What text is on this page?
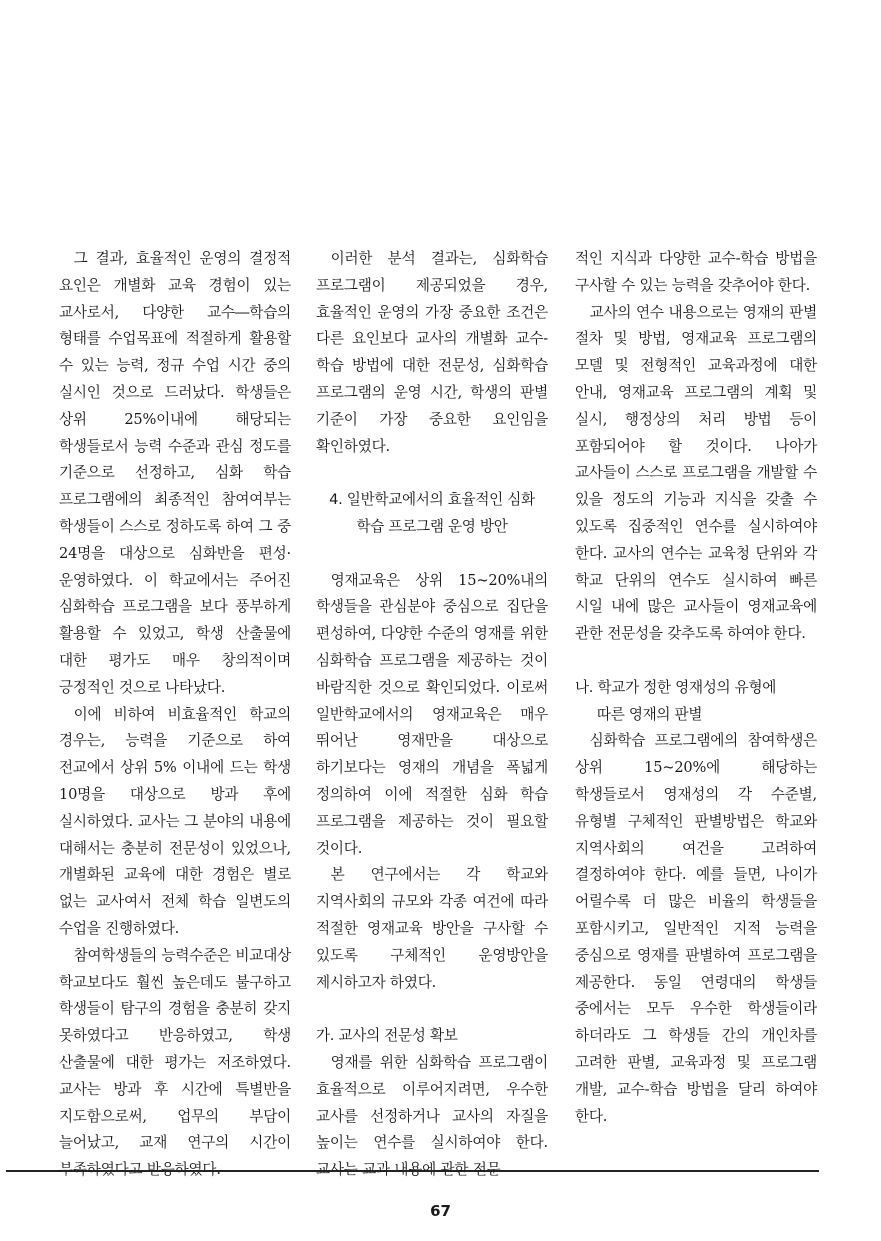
그 결과, 효율적인 운영의 결정적 요인은 개별화 교육 경험이 있는 교사로서, 다양한 교수―학습의 형태를 수업목표에 적절하게 활용할 수 있는 능력, 정규 수업 시간 중의 실시인 것으로 드러났다. 학생들은 상위 25%이내에 해당되는 학생들로서 능력 수준과 관심 정도를 기준으로 선정하고, 심화 학습 프로그램에의 최종적인 참여여부는 학생들이 스스로 정하도록 하여 그 중 24명을 대상으로 심화반을 편성·운영하였다. 이 학교에서는 주어진 심화학습 프로그램을 보다 풍부하게 활용할 수 있었고, 학생 산출물에 대한 평가도 매우 창의적이며 긍정적인 것으로 나타났다.

이에 비하여 비효율적인 학교의 경우는, 능력을 기준으로 하여 전교에서 상위 5% 이내에 드는 학생 10명을 대상으로 방과 후에 실시하였다. 교사는 그 분야의 내용에 대해서는 충분히 전문성이 있었으나, 개별화된 교육에 대한 경험은 별로 없는 교사여서 전체 학습 일변도의 수업을 진행하였다.

참여학생들의 능력수준은 비교대상 학교보다도 훨씬 높은데도 불구하고 학생들이 탐구의 경험을 충분히 갖지 못하였다고 반응하였고, 학생 산출물에 대한 평가는 저조하였다. 교사는 방과 후 시간에 특별반을 지도함으로써, 업무의 부담이 늘어났고, 교재 연구의 시간이 부족하였다고 반응하였다.

이러한 분석 결과는, 심화학습 프로그램이 제공되었을 경우, 효율적인 운영의 가장 중요한 조건은 다른 요인보다 교사의 개별화 교수-학습 방법에 대한 전문성, 심화학습 프로그램의 운영 시간, 학생의 판별 기준이 가장 중요한 요인임을 확인하였다.

4. 일반학교에서의 효율적인 심화
학습 프로그램 운영 방안

영재교육은 상위 15~20%내의 학생들을 관심분야 중심으로 집단을 편성하여, 다양한 수준의 영재를 위한 심화학습 프로그램을 제공하는 것이 바람직한 것으로 확인되었다. 이로써 일반학교에서의 영재교육은 매우 뛰어난 영재만을 대상으로 하기보다는 영재의 개념을 폭넓게 정의하여 이에 적절한 심화 학습 프로그램을 제공하는 것이 필요할 것이다.

본 연구에서는 각 학교와 지역사회의 규모와 각종 여건에 따라 적절한 영재교육 방안을 구사할 수 있도록 구체적인 운영방안을 제시하고자 하였다.

가. 교사의 전문성 확보

영재를 위한 심화학습 프로그램이 효율적으로 이루어지려면, 우수한 교사를 선정하거나 교사의 자질을 높이는 연수를 실시하여야 한다. 교사는 교과 내용에 관한 전문

적인 지식과 다양한 교수-학습 방법을 구사할 수 있는 능력을 갖추어야 한다.

교사의 연수 내용으로는 영재의 판별 절차 및 방법, 영재교육 프로그램의 모델 및 전형적인 교육과정에 대한 안내, 영재교육 프로그램의 계획 및 실시, 행정상의 처리 방법 등이 포함되어야 할 것이다. 나아가 교사들이 스스로 프로그램을 개발할 수 있을 정도의 기능과 지식을 갖출 수 있도록 집중적인 연수를 실시하여야 한다. 교사의 연수는 교육청 단위와 각 학교 단위의 연수도 실시하여 빠른 시일 내에 많은 교사들이 영재교육에 관한 전문성을 갖추도록 하여야 한다.

나. 학교가 정한 영재성의 유형에
따른 영재의 판별

심화학습 프로그램에의 참여학생은 상위 15~20%에 해당하는 학생들로서 영재성의 각 수준별, 유형별 구체적인 판별방법은 학교와 지역사회의 여건을 고려하여 결정하여야 한다. 예를 들면, 나이가 어릴수록 더 많은 비율의 학생들을 포함시키고, 일반적인 지적 능력을 중심으로 영재를 판별하여 프로그램을 제공한다. 동일 연령대의 학생들 중에서는 모두 우수한 학생들이라 하더라도 그 학생들 간의 개인차를 고려한 판별, 교육과정 및 프로그램 개발, 교수-학습 방법을 달리 하여야 한다.

67
